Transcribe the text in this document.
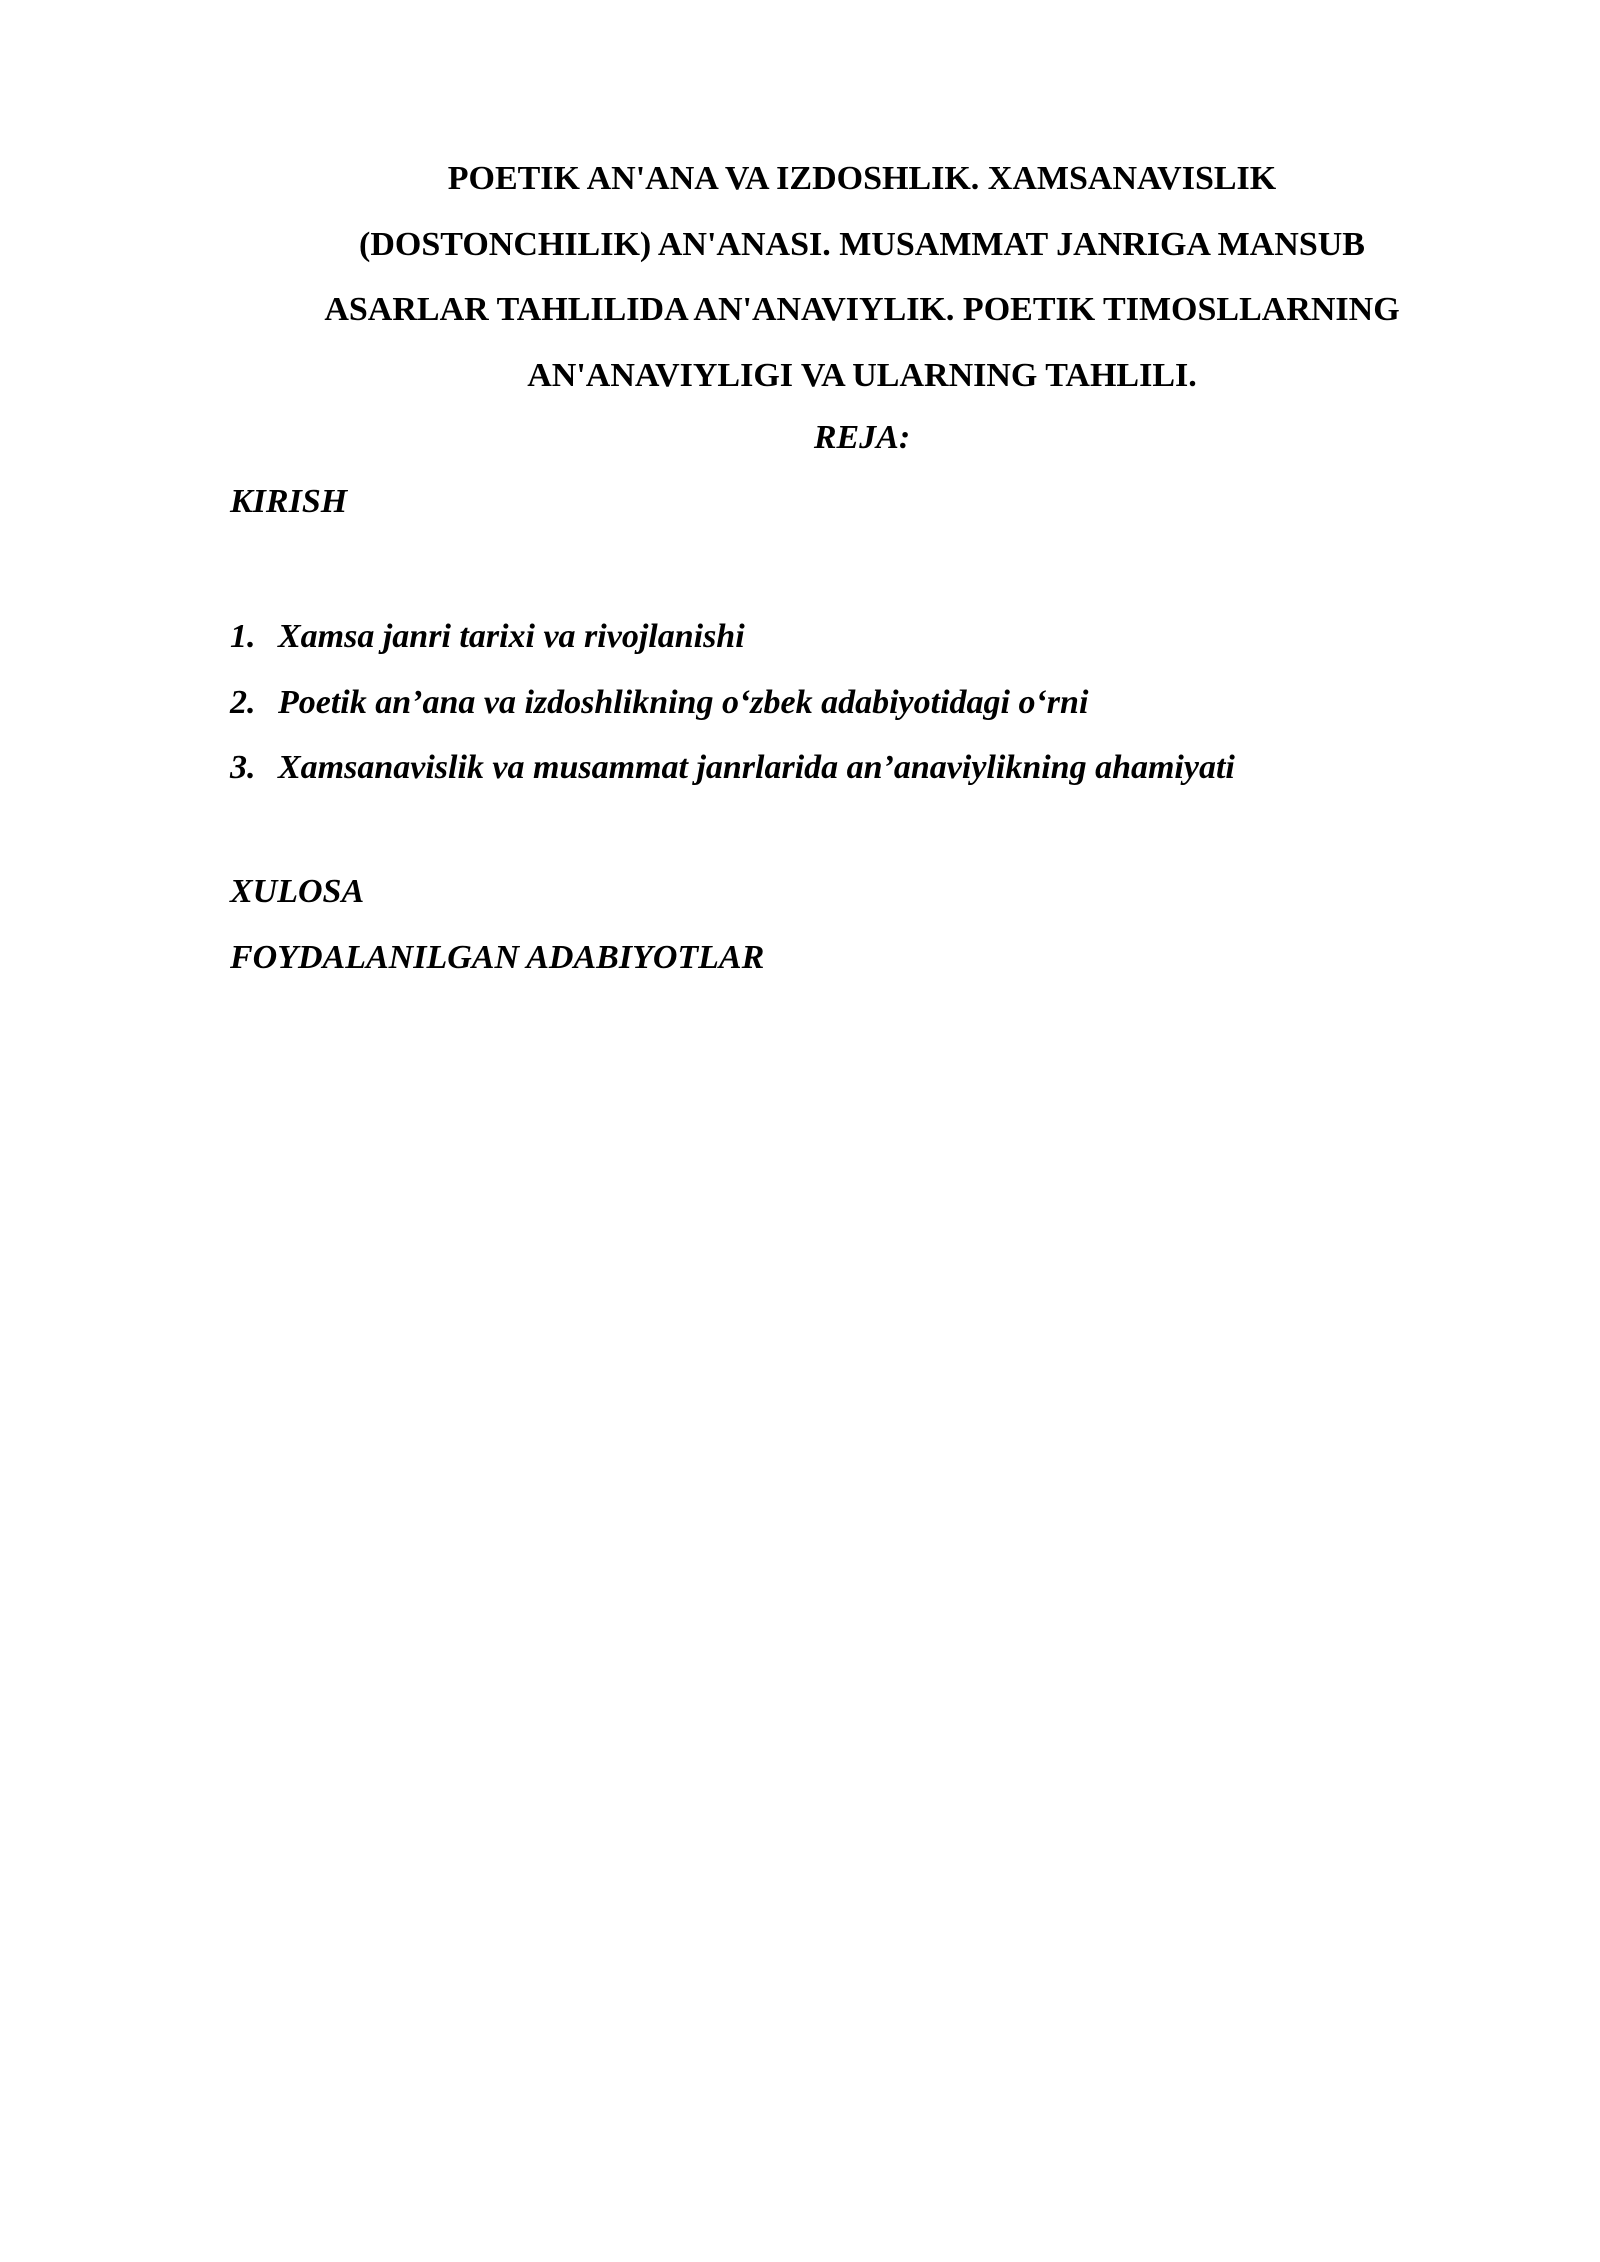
POETIK AN'ANA VA IZDOSHLIK. XAMSANAVISLIK
(DOSTONCHILIK) AN'ANASI. MUSAMMAT JANRIGA MANSUB
ASARLAR TAHLILIDA AN'ANAVIYLIK. POETIK TIMOSLLARNING
AN'ANAVIYLIGI VA ULARNING TAHLILI.

REJA:

KIRISH

1. Xamsa janri tarixi va rivojlanishi
2. Poetik an’ana va izdoshlikning o‘zbek adabiyotidagi o‘rni
3. Xamsanavislik va musammat janrlarida an’anaviylikning ahamiyati

XULOSA

FOYDALANILGAN ADABIYOTLAR
